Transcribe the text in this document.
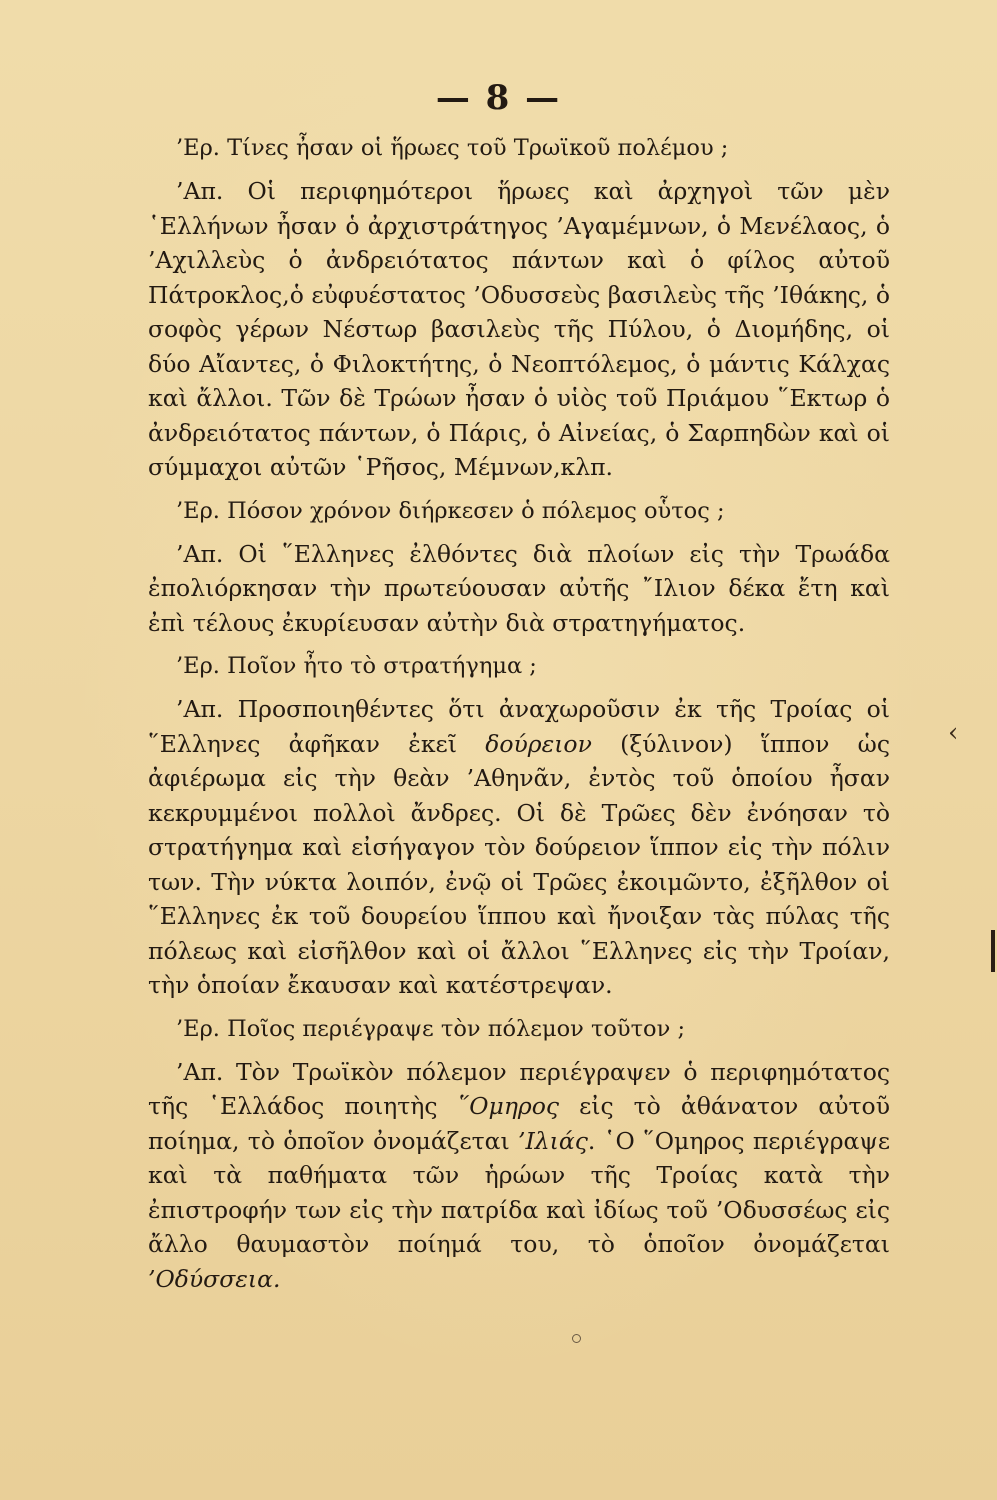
— 8 —

’Ερ. Τίνες ἦσαν οἱ ἥρωες τοῦ Τρωϊκοῦ πολέμου ;

’Απ. Οἱ περιφημότεροι ἥρωες καὶ ἀρχηγοὶ τῶν μὲν ῾Ελλήνων ἦσαν ὁ ἀρχιστράτηγος ’Αγαμέμνων, ὁ Μενέλαος, ὁ ’Αχιλλεὺς ὁ ἀνδρειότατος πάντων καὶ ὁ φίλος αὐτοῦ Πάτροκλος,ὁ εὐφυέστατος ’Οδυσσεὺς βασιλεὺς τῆς ’Ιθάκης, ὁ σοφὸς γέρων Νέστωρ βασιλεὺς τῆς Πύλου, ὁ Διομήδης, οἱ δύο Αἴαντες, ὁ Φιλοκτήτης, ὁ Νεοπτόλεμος, ὁ μάντις Κάλχας καὶ ἄλλοι. Τῶν δὲ Τρώων ἦσαν ὁ υἱὸς τοῦ Πριάμου ῞Εκτωρ ὁ ἀνδρειότατος πάντων, ὁ Πάρις, ὁ Αἰνείας, ὁ Σαρπηδὼν καὶ οἱ σύμμαχοι αὐτῶν ῾Ρῆσος, Μέμνων,κλπ.

’Ερ. Πόσον χρόνον διήρκεσεν ὁ πόλεμος οὗτος ;

’Απ. Οἱ ῞Ελληνες ἐλθόντες διὰ πλοίων εἰς τὴν Τρωάδα ἐπολιόρκησαν τὴν πρωτεύουσαν αὐτῆς ῎Ιλιον δέκα ἔτη καὶ ἐπὶ τέλους ἐκυρίευσαν αὐτὴν διὰ στρατηγήματος.

’Ερ. Ποῖον ἦτο τὸ στρατήγημα ;

’Απ. Προσποιηθέντες ὅτι ἀναχωροῦσιν ἐκ τῆς Τροίας οἱ ῞Ελληνες ἀφῆκαν ἐκεῖ δούρειον (ξύλινον) ἵππον ὡς ἀφιέρωμα εἰς τὴν θεὰν ’Αθηνᾶν, ἐντὸς τοῦ ὁποίου ἦσαν κεκρυμμένοι πολλοὶ ἄνδρες. Οἱ δὲ Τρῶες δὲν ἐνόησαν τὸ στρατήγημα καὶ εἰσήγαγον τὸν δούρειον ἵππον εἰς τὴν πόλιν των. Τὴν νύκτα λοιπόν, ἐνῷ οἱ Τρῶες ἐκοιμῶντο, ἐξῆλθον οἱ ῞Ελληνες ἐκ τοῦ δουρείου ἵππου καὶ ἤνοιξαν τὰς πύλας τῆς πόλεως καὶ εἰσῆλθον καὶ οἱ ἄλλοι ῞Ελληνες εἰς τὴν Τροίαν, τὴν ὁποίαν ἔκαυσαν καὶ κατέστρεψαν.

’Ερ. Ποῖος περιέγραψε τὸν πόλεμον τοῦτον ;

’Απ. Τὸν Τρωϊκὸν πόλεμον περιέγραψεν ὁ περιφημότατος τῆς ῾Ελλάδος ποιητὴς ῞Ομηρος εἰς τὸ ἀθάνατον αὐτοῦ ποίημα, τὸ ὁποῖον ὀνομάζεται ’Ιλιάς. ῾Ο ῞Ομηρος περιέγραψε καὶ τὰ παθήματα τῶν ἡρώων τῆς Τροίας κατὰ τὴν ἐπιστροφήν των εἰς τὴν πατρίδα καὶ ἰδίως τοῦ ’Οδυσσέως εἰς ἄλλο θαυμαστὸν ποίημά του, τὸ ὁποῖον ὀνομάζεται ’Οδύσσεια.

‹
